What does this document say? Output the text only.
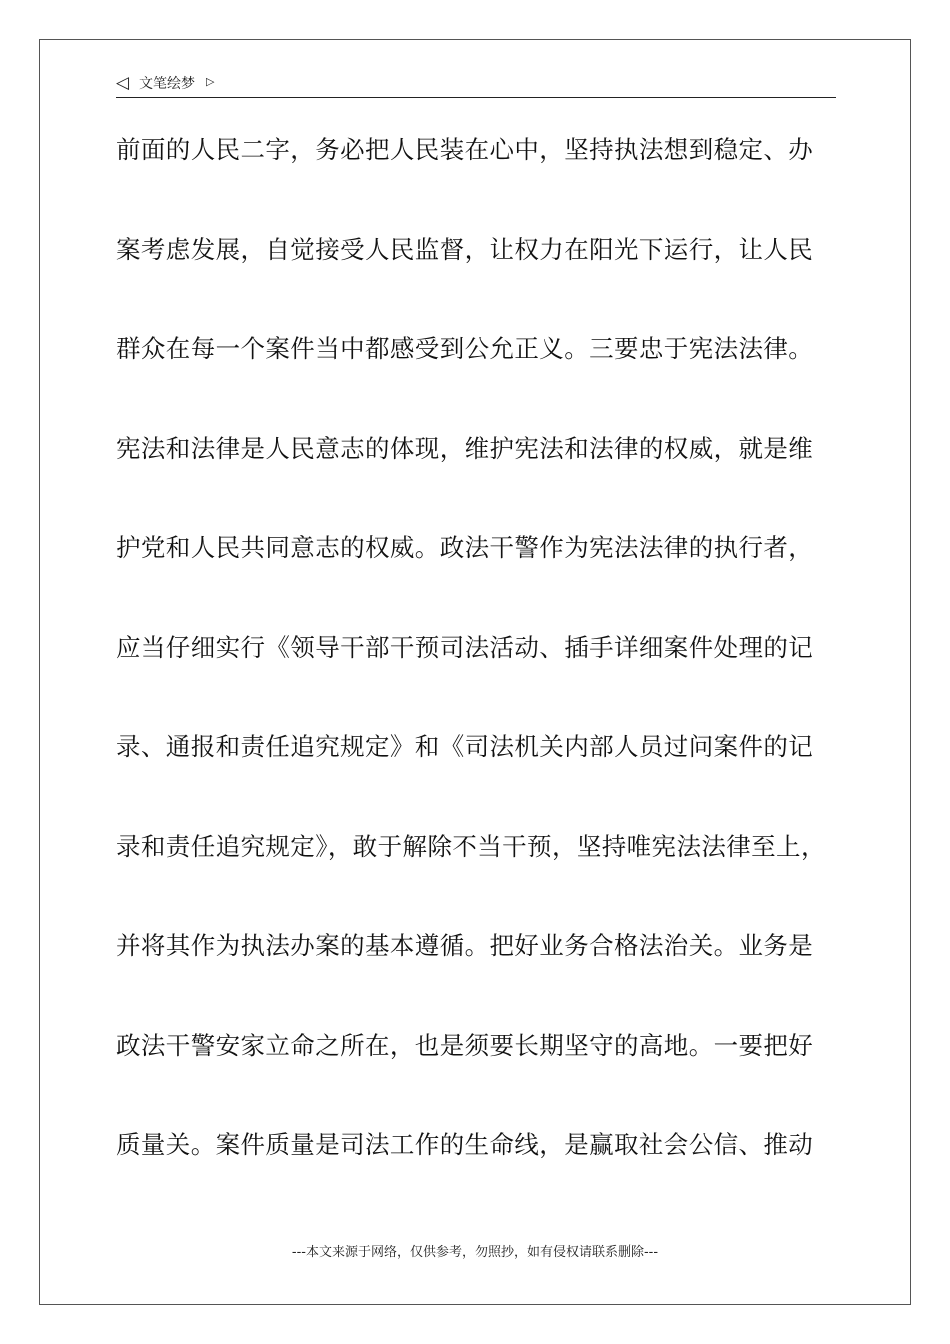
◁ 文笔绘梦 ▷
前面的人民二字，务必把人民装在心中，坚持执法想到稳定、办
案考虑发展，自觉接受人民监督，让权力在阳光下运行，让人民
群众在每一个案件当中都感受到公允正义。三要忠于宪法法律。
宪法和法律是人民意志的体现，维护宪法和法律的权威，就是维
护党和人民共同意志的权威。政法干警作为宪法法律的执行者，
应当仔细实行《领导干部干预司法活动、插手详细案件处理的记
录、通报和责任追究规定》和《司法机关内部人员过问案件的记
录和责任追究规定》，敢于解除不当干预，坚持唯宪法法律至上，
并将其作为执法办案的基本遵循。把好业务合格法治关。业务是
政法干警安家立命之所在，也是须要长期坚守的高地。一要把好
质量关。案件质量是司法工作的生命线，是赢取社会公信、推动
---本文来源于网络，仅供参考，勿照抄，如有侵权请联系删除---
